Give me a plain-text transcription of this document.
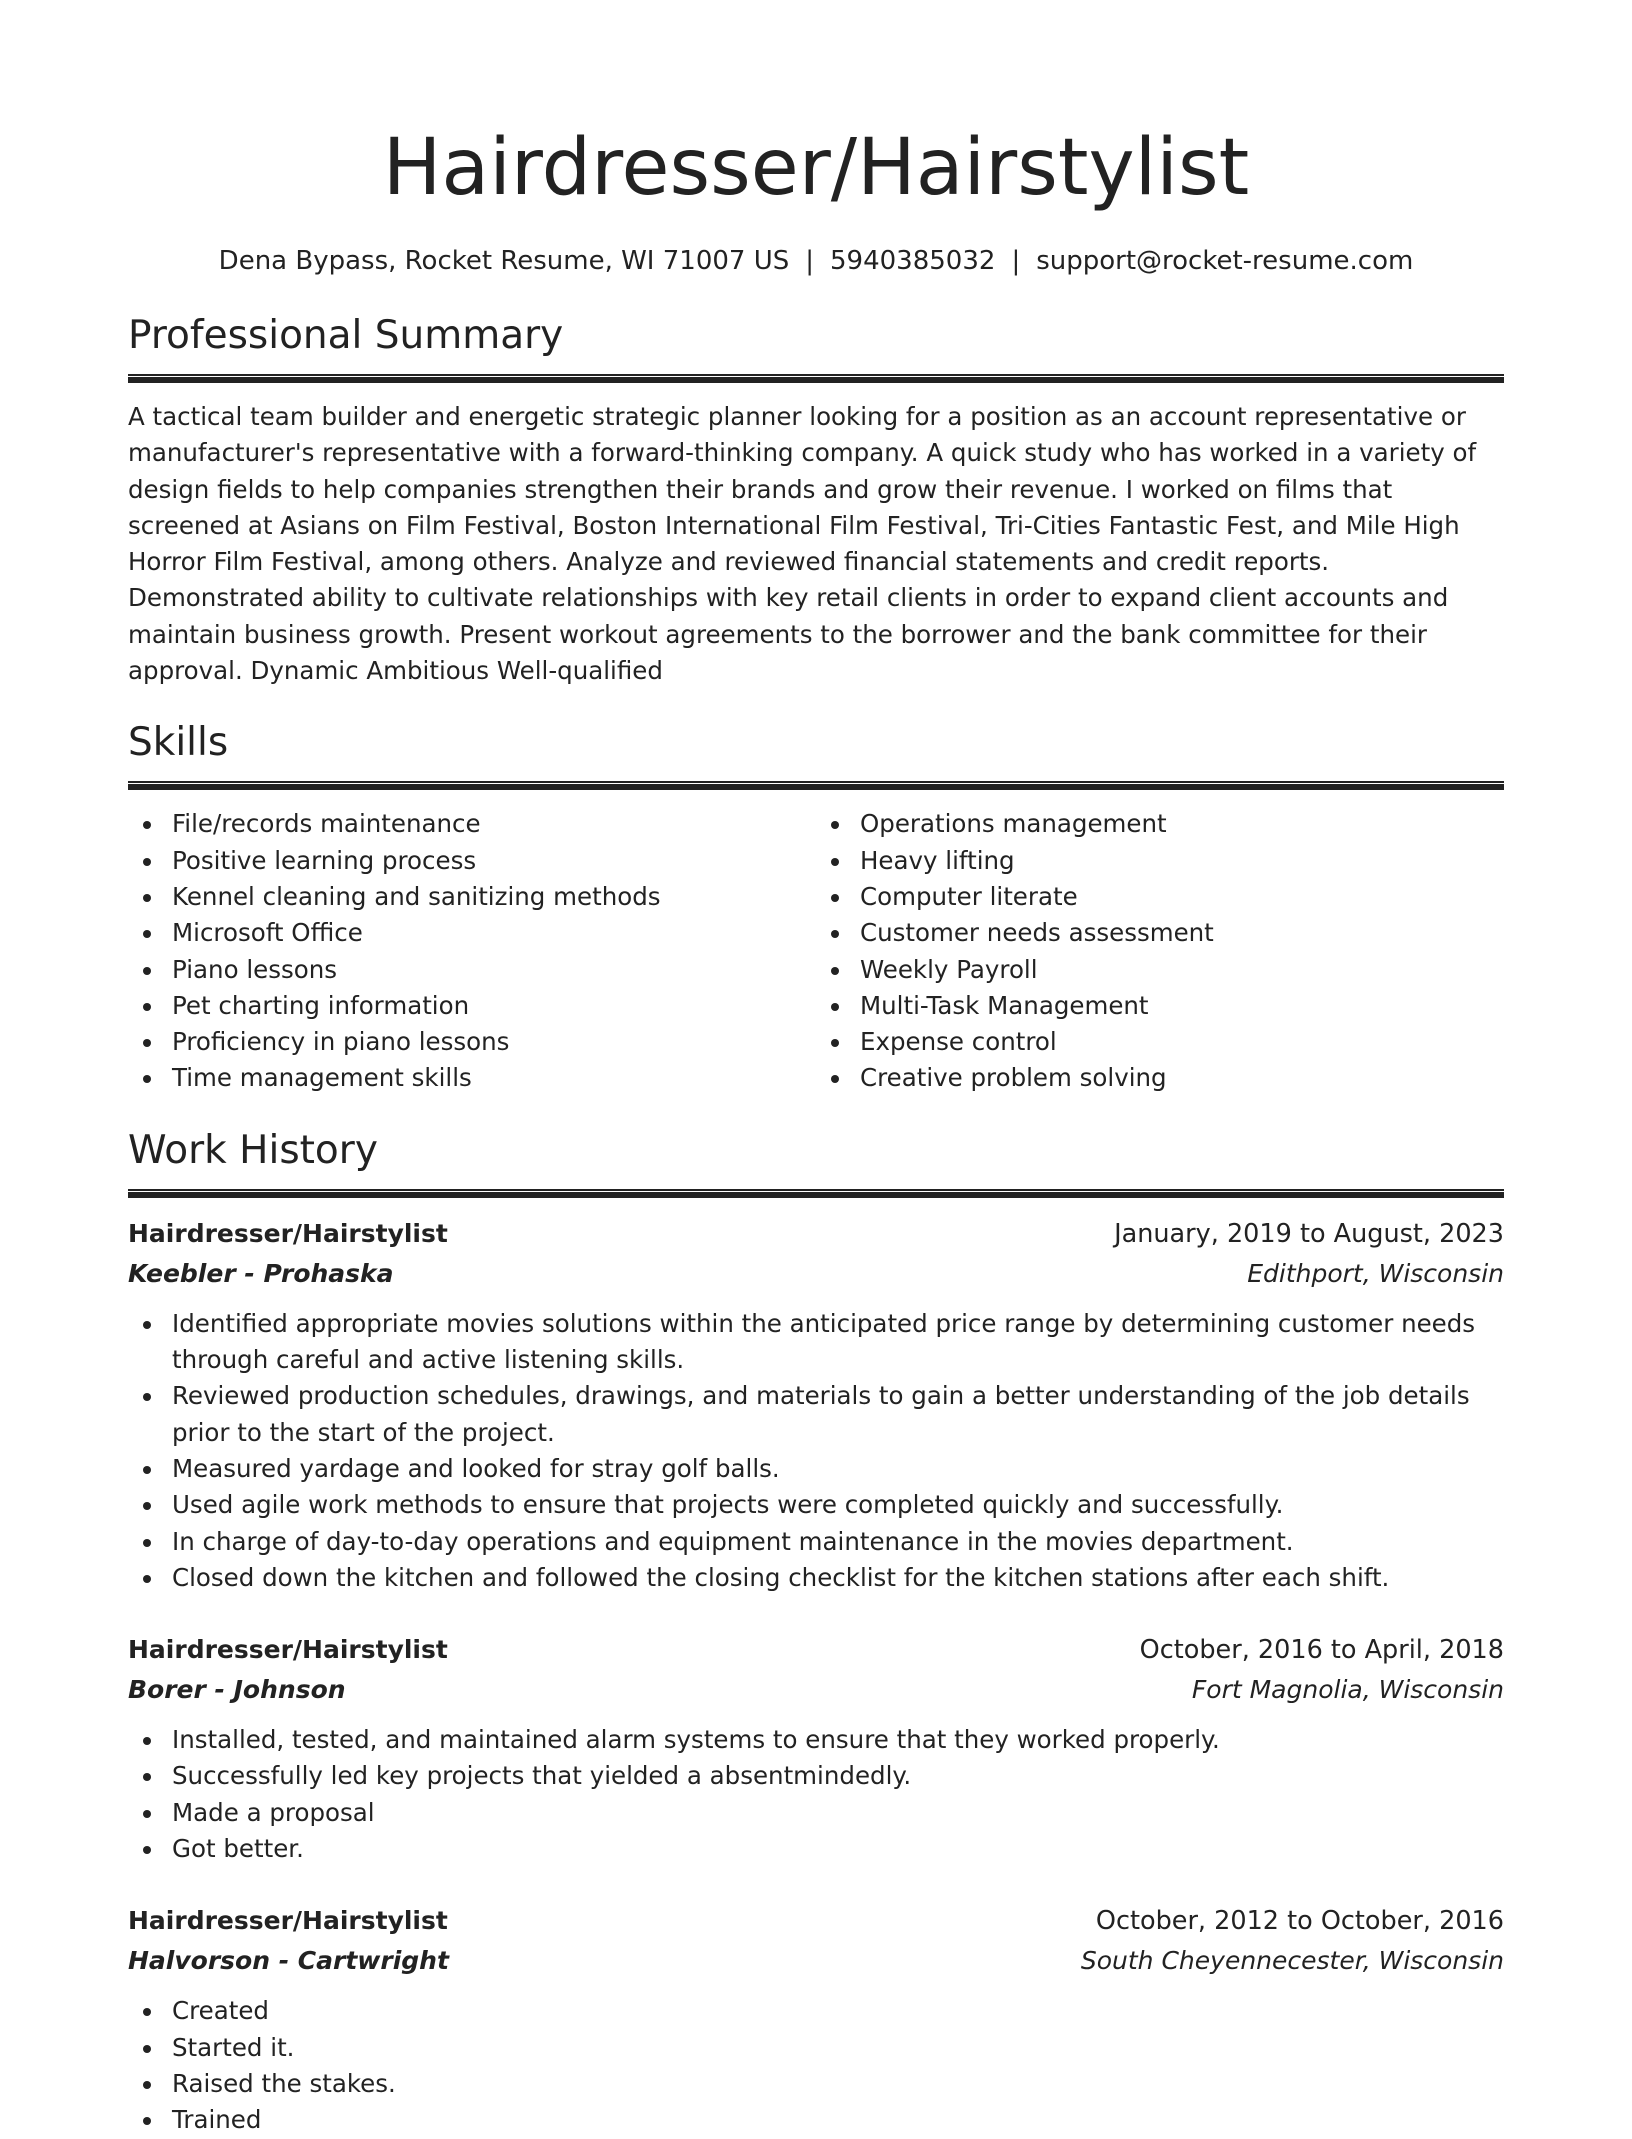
Hairdresser/Hairstylist
Dena Bypass, Rocket Resume, WI 71007 US | 5940385032 | support@rocket-resume.com
Professional Summary

A tactical team builder and energetic strategic planner looking for a position as an account representative or manufacturer's representative with a forward-thinking company. A quick study who has worked in a variety of design fields to help companies strengthen their brands and grow their revenue. I worked on films that screened at Asians on Film Festival, Boston International Film Festival, Tri-Cities Fantastic Fest, and Mile High Horror Film Festival, among others. Analyze and reviewed financial statements and credit reports. Demonstrated ability to cultivate relationships with key retail clients in order to expand client accounts and maintain business growth. Present workout agreements to the borrower and the bank committee for their approval. Dynamic Ambitious Well-qualified

Skills
File/records maintenance
Positive learning process
Kennel cleaning and sanitizing methods
Microsoft Office
Piano lessons
Pet charting information
Proficiency in piano lessons
Time management skills
Operations management
Heavy lifting
Computer literate
Customer needs assessment
Weekly Payroll
Multi-Task Management
Expense control
Creative problem solving
Work History
Hairdresser/Hairstylist	January, 2019 to August, 2023
Keebler - Prohaska	Edithport, Wisconsin
Identified appropriate movies solutions within the anticipated price range by determining customer needs through careful and active listening skills.
Reviewed production schedules, drawings, and materials to gain a better understanding of the job details prior to the start of the project.
Measured yardage and looked for stray golf balls.
Used agile work methods to ensure that projects were completed quickly and successfully.
In charge of day-to-day operations and equipment maintenance in the movies department.
Closed down the kitchen and followed the closing checklist for the kitchen stations after each shift.
Hairdresser/Hairstylist	October, 2016 to April, 2018
Borer - Johnson	Fort Magnolia, Wisconsin
Installed, tested, and maintained alarm systems to ensure that they worked properly.
Successfully led key projects that yielded a absentmindedly.
Made a proposal
Got better.
Hairdresser/Hairstylist	October, 2012 to October, 2016
Halvorson - Cartwright	South Cheyennecester, Wisconsin
Created
Started it.
Raised the stakes.
Trained
